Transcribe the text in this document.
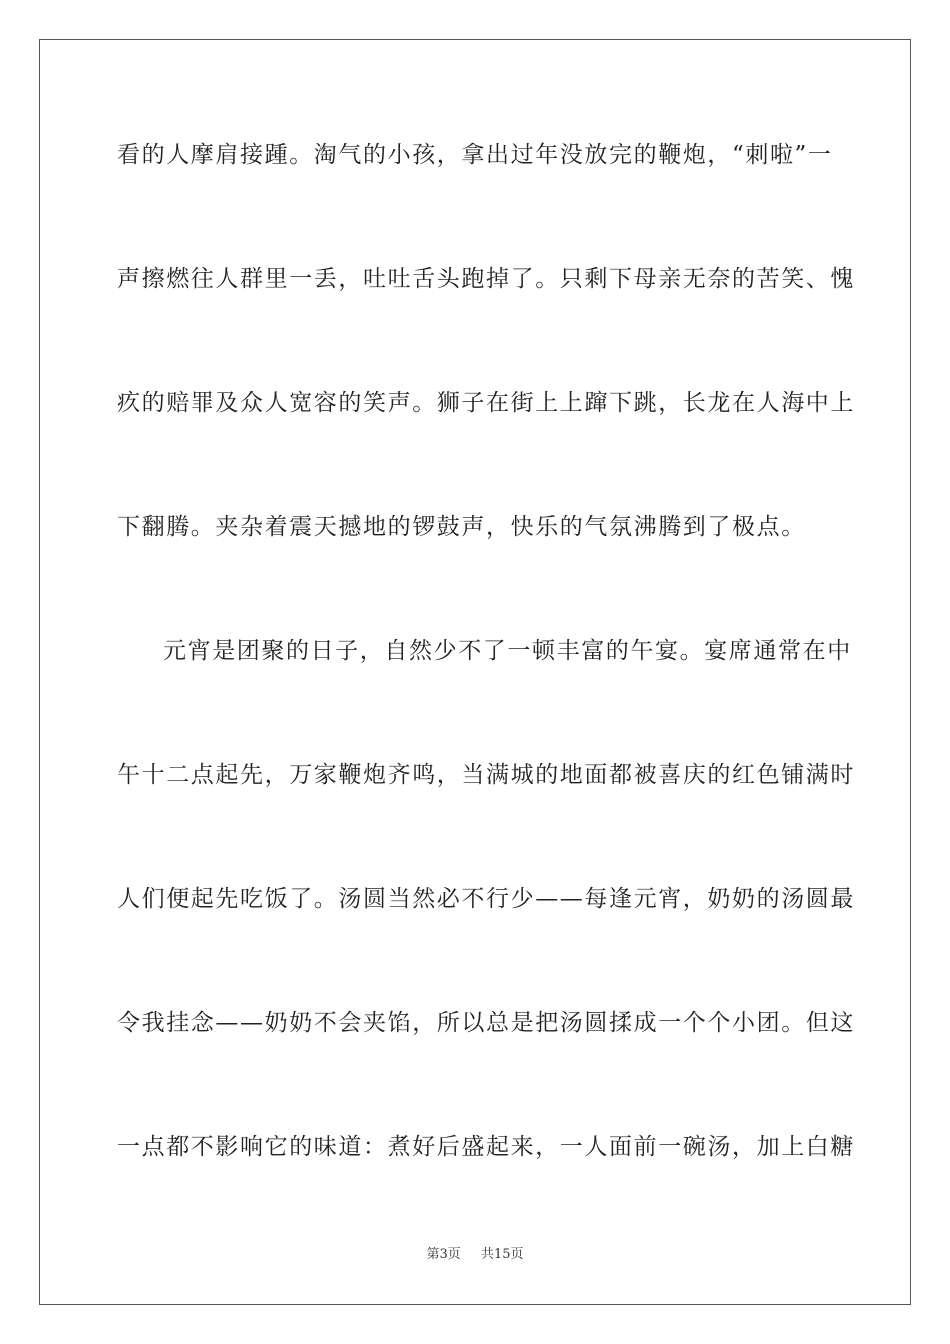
看的人摩肩接踵。淘气的小孩，拿出过年没放完的鞭炮，“刺啦”一
声擦燃往人群里一丢，吐吐舌头跑掉了。只剩下母亲无奈的苦笑、愧
疚的赔罪及众人宽容的笑声。狮子在街上上蹿下跳，长龙在人海中上
下翻腾。夹杂着震天撼地的锣鼓声，快乐的气氛沸腾到了极点。
元宵是团聚的日子，自然少不了一顿丰富的午宴。宴席通常在中
午十二点起先，万家鞭炮齐鸣，当满城的地面都被喜庆的红色铺满时
人们便起先吃饭了。汤圆当然必不行少——每逢元宵，奶奶的汤圆最
令我挂念——奶奶不会夹馅，所以总是把汤圆揉成一个个小团。但这
一点都不影响它的味道：煮好后盛起来，一人面前一碗汤，加上白糖
第3页 共15页
